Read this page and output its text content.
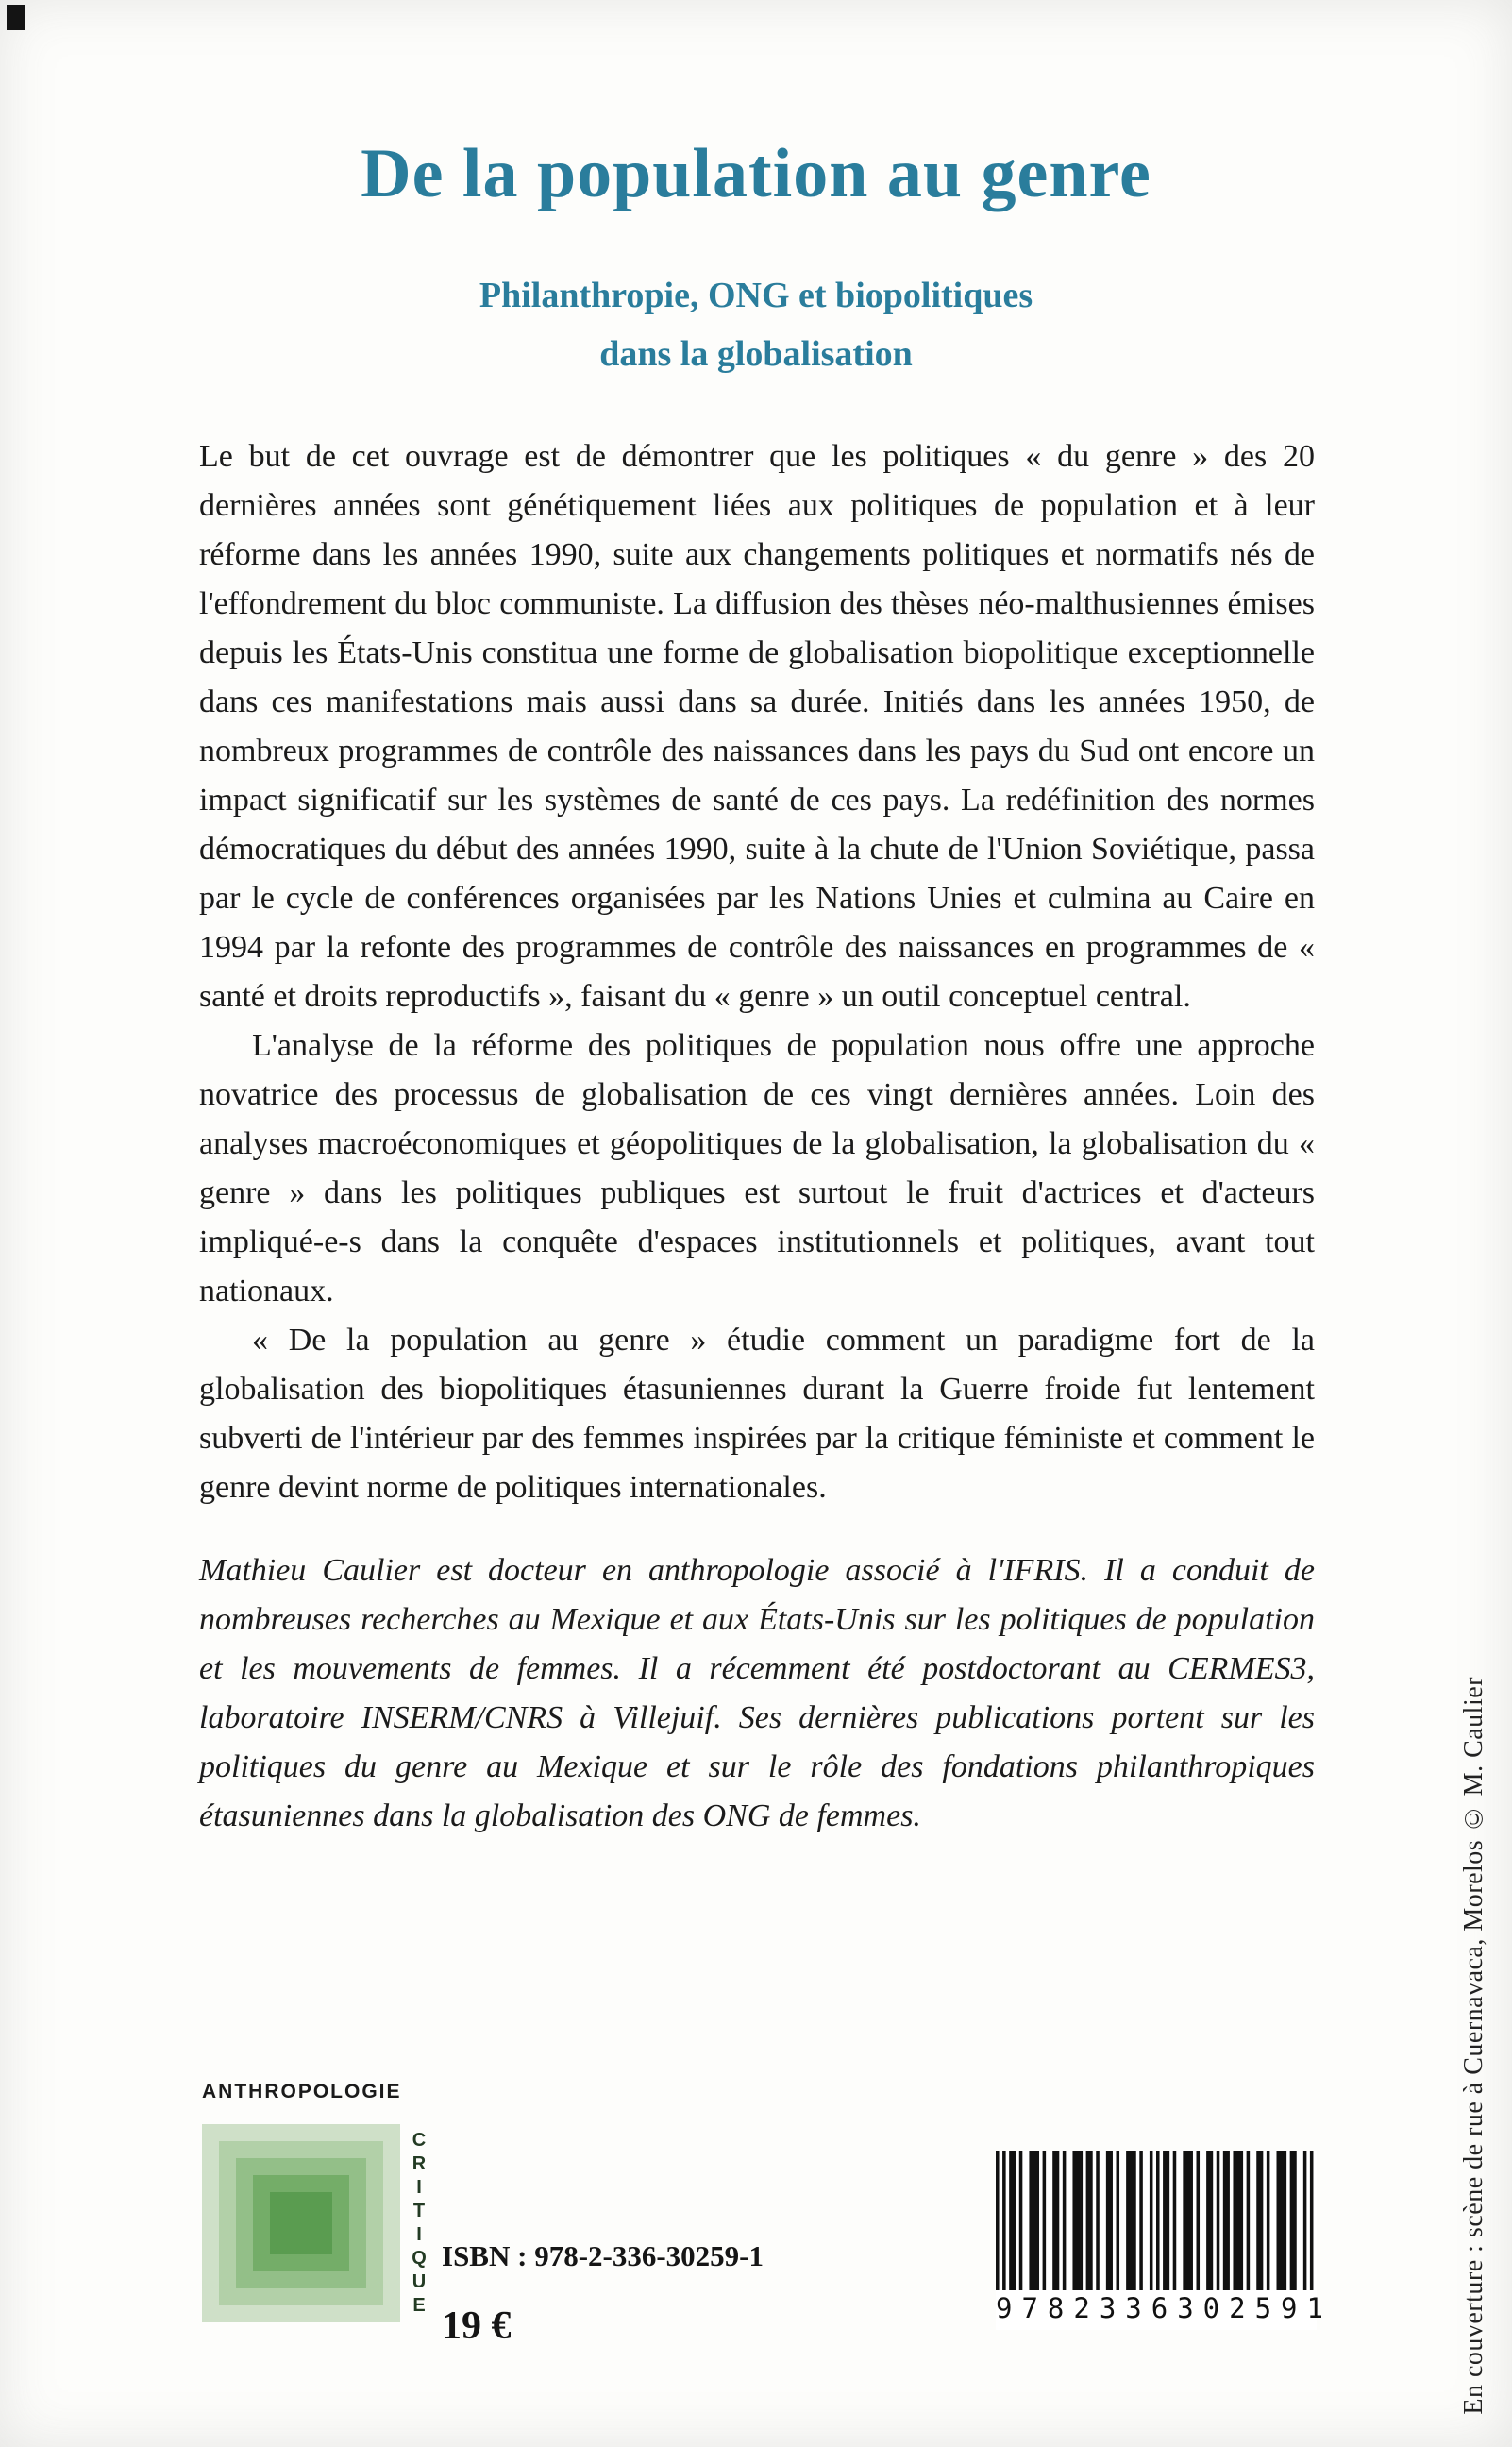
De la population au genre
Philanthropie, ONG et biopolitiques
dans la globalisation

Le but de cet ouvrage est de démontrer que les politiques « du genre » des 20 dernières années sont génétiquement liées aux politiques de population et à leur réforme dans les années 1990, suite aux changements politiques et normatifs nés de l'effondrement du bloc communiste. La diffusion des thèses néo-malthusiennes émises depuis les États-Unis constitua une forme de globalisation biopolitique exceptionnelle dans ces manifestations mais aussi dans sa durée. Initiés dans les années 1950, de nombreux programmes de contrôle des naissances dans les pays du Sud ont encore un impact significatif sur les systèmes de santé de ces pays. La redéfinition des normes démocratiques du début des années 1990, suite à la chute de l'Union Soviétique, passa par le cycle de conférences organisées par les Nations Unies et culmina au Caire en 1994 par la refonte des programmes de contrôle des naissances en programmes de « santé et droits reproductifs », faisant du « genre » un outil conceptuel central.

L'analyse de la réforme des politiques de population nous offre une approche novatrice des processus de globalisation de ces vingt dernières années. Loin des analyses macroéconomiques et géopolitiques de la globalisation, la globalisation du « genre » dans les politiques publiques est surtout le fruit d'actrices et d'acteurs impliqué-e-s dans la conquête d'espaces institutionnels et politiques, avant tout nationaux.

« De la population au genre » étudie comment un paradigme fort de la globalisation des biopolitiques étasuniennes durant la Guerre froide fut lentement subverti de l'intérieur par des femmes inspirées par la critique féministe et comment le genre devint norme de politiques internationales.

Mathieu Caulier est docteur en anthropologie associé à l'IFRIS. Il a conduit de nombreuses recherches au Mexique et aux États-Unis sur les politiques de population et les mouvements de femmes. Il a récemment été postdoctorant au CERMES3, laboratoire INSERM/CNRS à Villejuif. Ses dernières publications portent sur les politiques du genre au Mexique et sur le rôle des fondations philanthropiques étasuniennes dans la globalisation des ONG de femmes.

ANTHROPOLOGIE
CRITIQUE ISBN : 978-2-336-30259-1
19 €	9782336302591	En couverture : scène de rue à Cuernavaca, Morelos © M. Caulier
